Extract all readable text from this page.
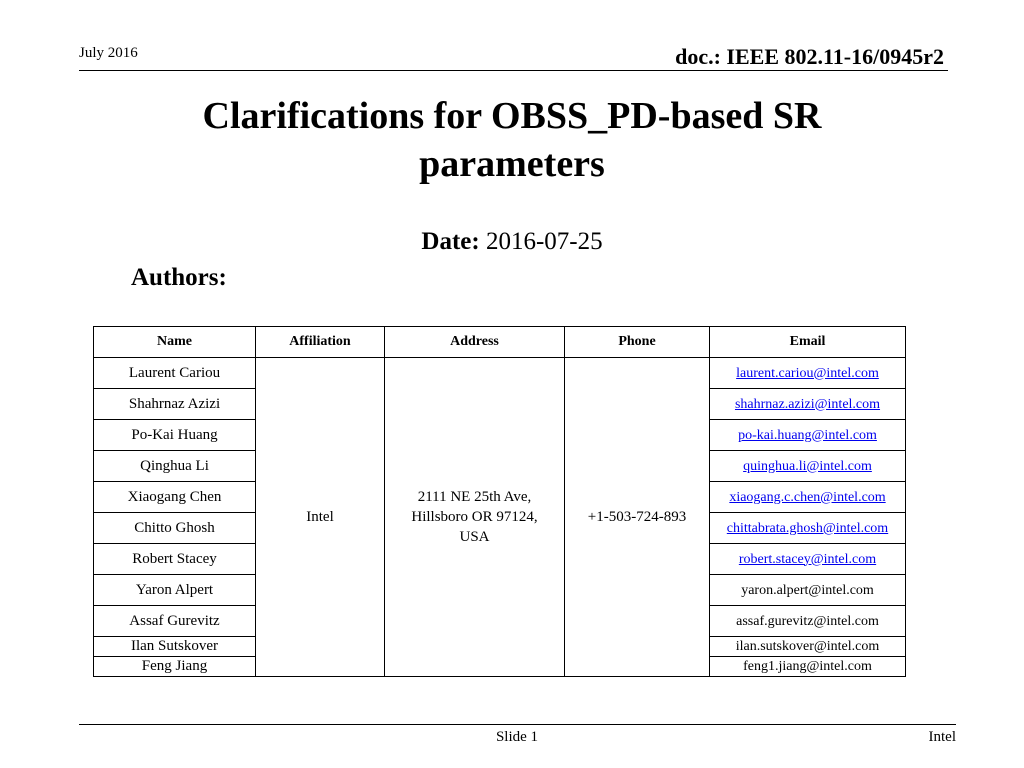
July 2016	doc.: IEEE 802.11-16/0945r2
Clarifications for OBSS_PD-based SR
parameters
Date: 2016-07-25
Authors:
Name	Affiliation	Address	Phone	Email
Laurent Cariou	Intel	2111 NE 25th Ave,
Hillsboro OR 97124,
USA	+1-503-724-893	laurent.cariou@intel.com
Shahrnaz Azizi				shahrnaz.azizi@intel.com
Po-Kai Huang				po-kai.huang@intel.com
Qinghua Li				quinghua.li@intel.com
Xiaogang Chen				xiaogang.c.chen@intel.com
Chitto Ghosh				chittabrata.ghosh@intel.com
Robert Stacey				robert.stacey@intel.com
Yaron Alpert				yaron.alpert@intel.com
Assaf Gurevitz				assaf.gurevitz@intel.com
Ilan Sutskover				ilan.sutskover@intel.com
Feng Jiang				feng1.jiang@intel.com
Slide 1	Intel
